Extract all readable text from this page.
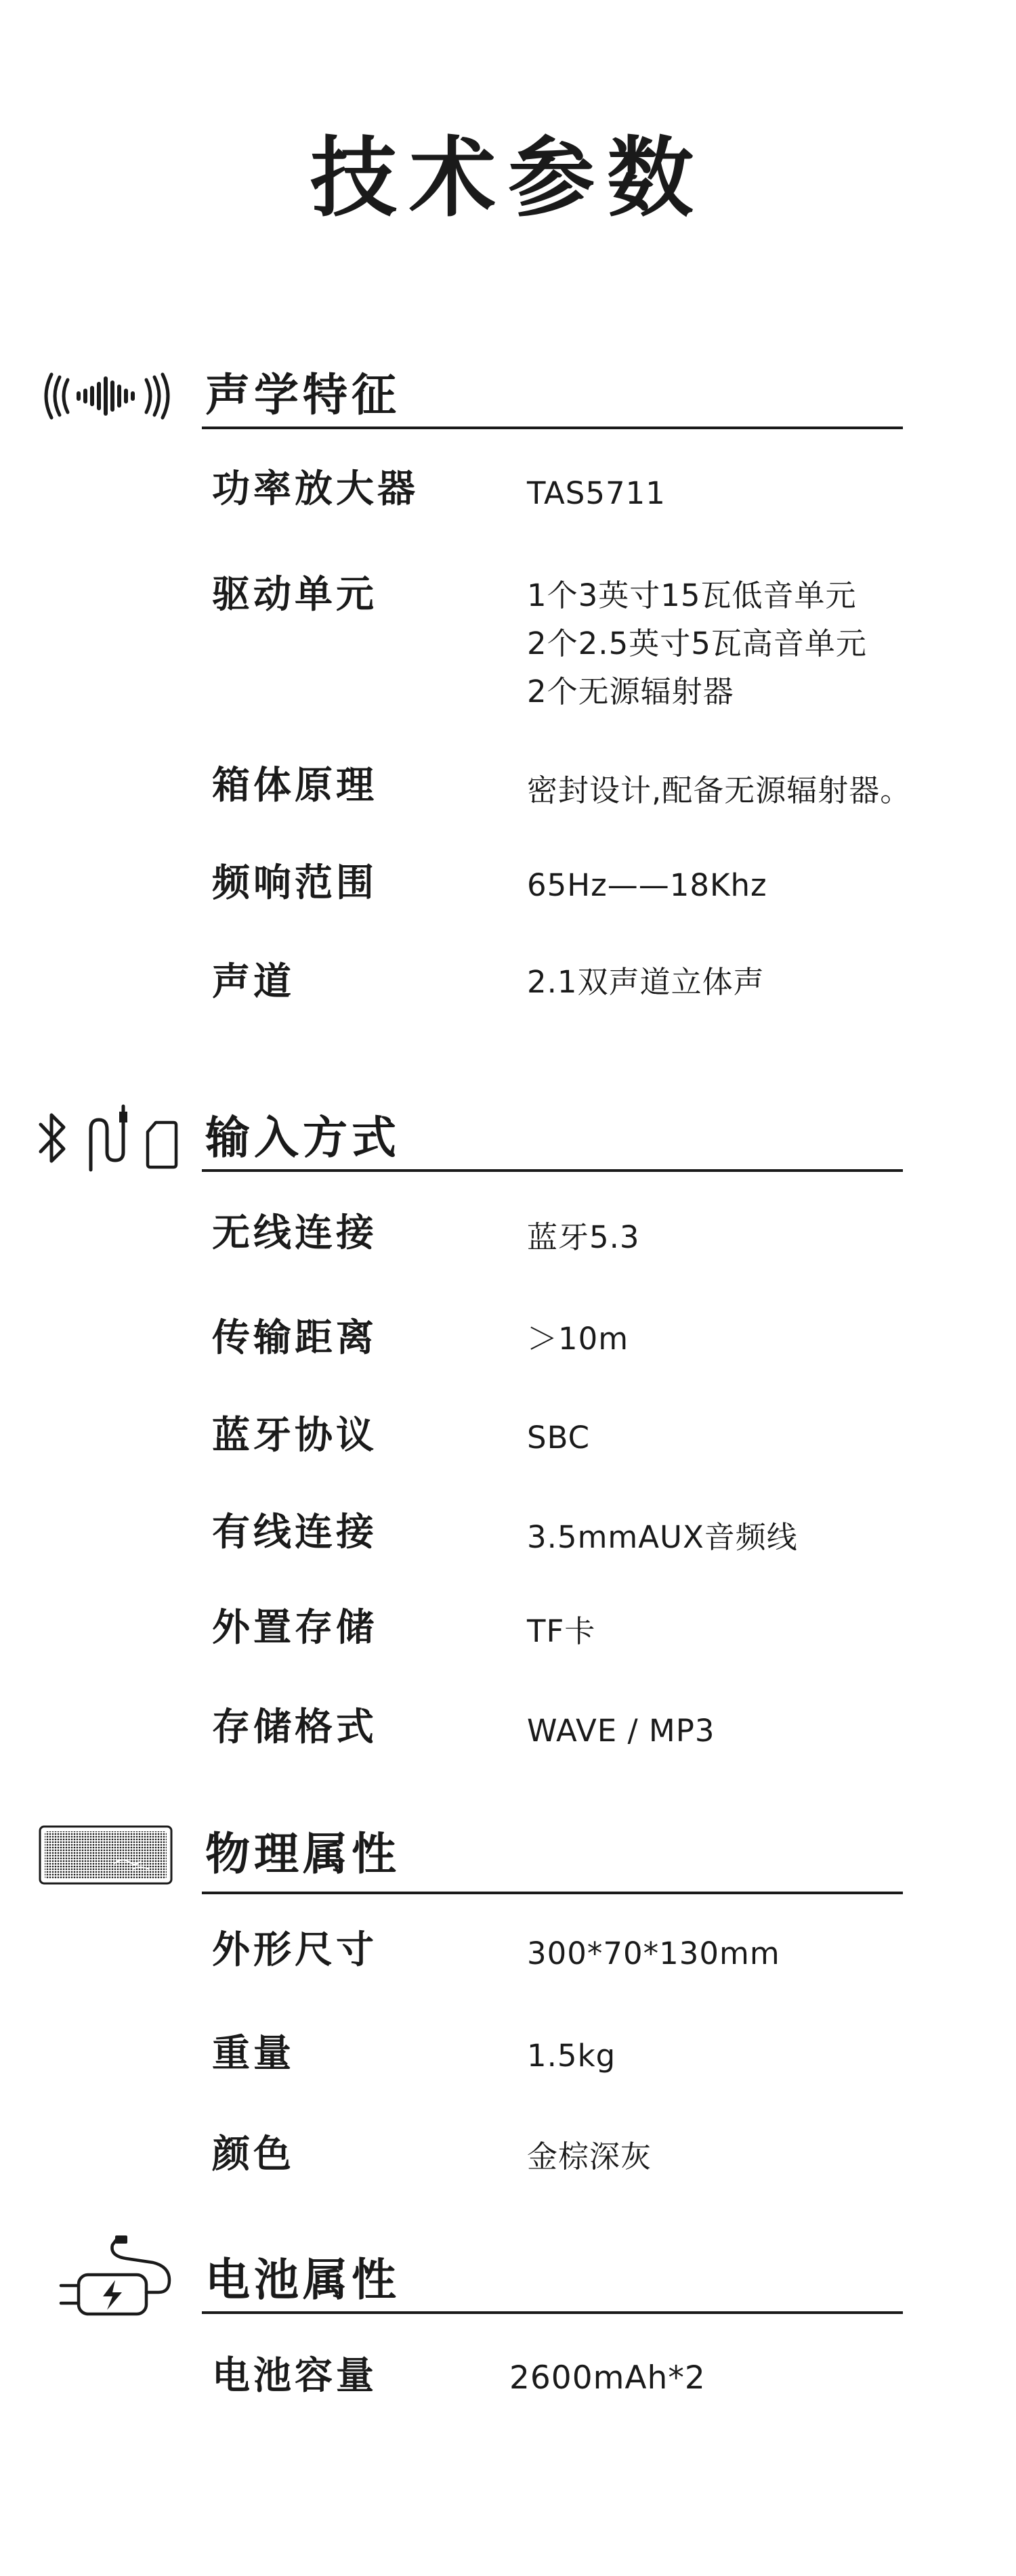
技术参数
声学特征
功率放大器	TAS5711
驱动单元	1个3英寸15瓦低音单元
2个2.5英寸5瓦高音单元
2个无源辐射器
箱体原理	密封设计,配备无源辐射器。
频响范围	65Hz——18Khz
声道	2.1双声道立体声
输入方式
无线连接	蓝牙5.3
传输距离	＞10m
蓝牙协议	SBC
有线连接	3.5mmAUX音频线
外置存储	TF卡
存储格式	WAVE / MP3
物理属性
外形尺寸	300*70*130mm
重量	1.5kg
颜色	金棕深灰
电池属性
电池容量	2600mAh*2
